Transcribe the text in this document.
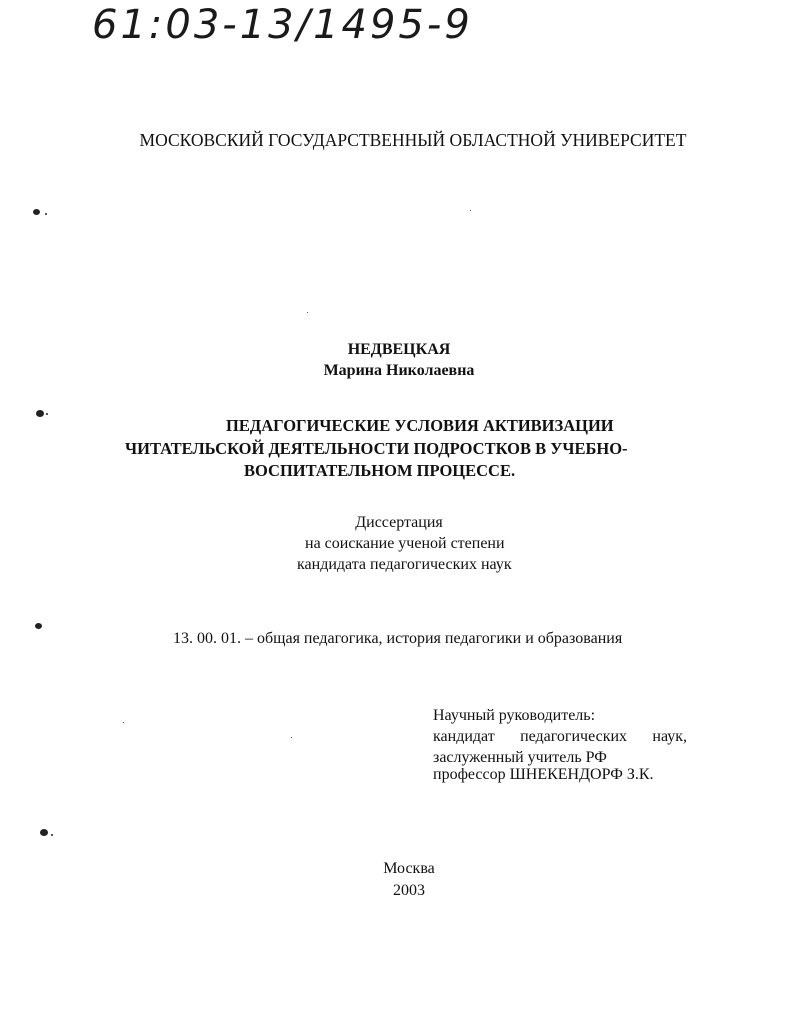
61:03-13/1495-9
МОСКОВСКИЙ ГОСУДАРСТВЕННЫЙ ОБЛАСТНОЙ УНИВЕРСИТЕТ
НЕДВЕЦКАЯ
Марина Николаевна
ПЕДАГОГИЧЕСКИЕ УСЛОВИЯ АКТИВИЗАЦИИ
ЧИТАТЕЛЬСКОЙ ДЕЯТЕЛЬНОСТИ ПОДРОСТКОВ В УЧЕБНО-
ВОСПИТАТЕЛЬНОМ ПРОЦЕССЕ.
Диссертация
на соискание ученой степени
кандидата педагогических наук
13. 00. 01. – общая педагогика, история педагогики и образования
Научный руководитель:
кандидат педагогических наук,
заслуженный учитель РФ
профессор ШНЕКЕНДОРФ З.К.
Москва
2003
